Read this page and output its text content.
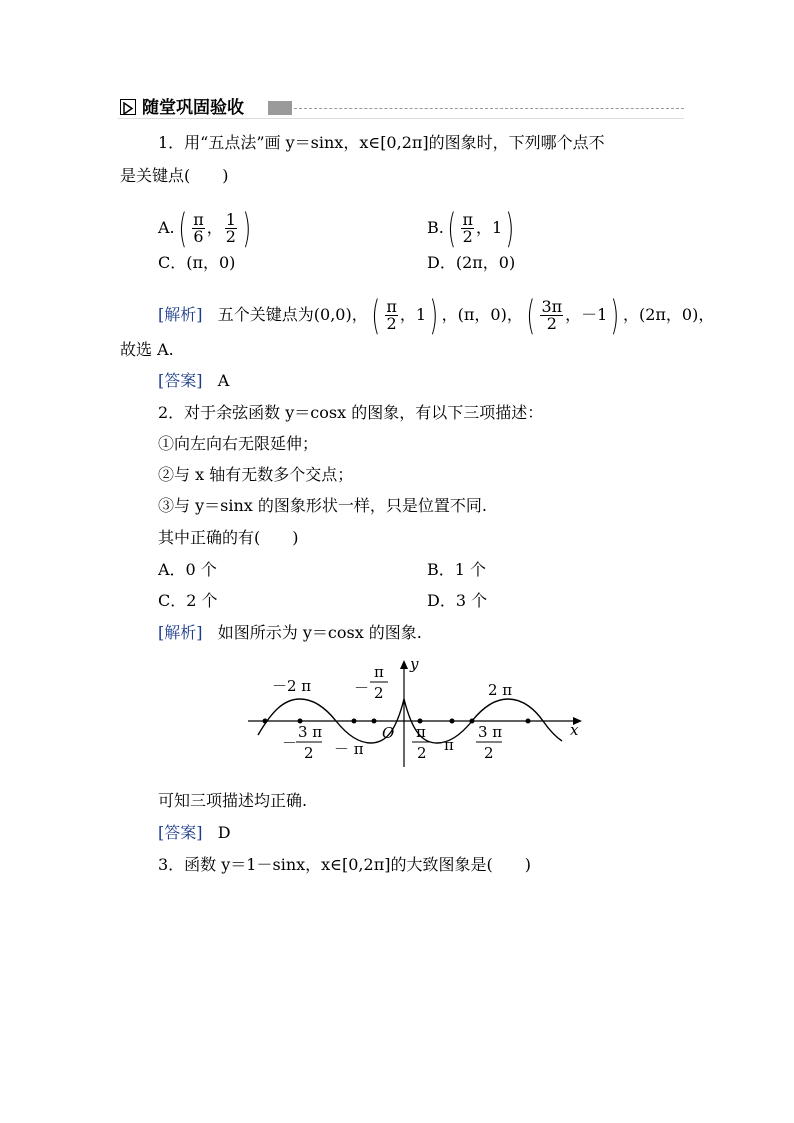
随堂巩固验收
1．用“五点法”画 y＝sinx，x∈[0,2π]的图象时，下列哪个点不
是关键点(　　)
$A.( \frac{\pi}{6}$ ， $\frac{1}{2}$ )	$B.( \frac{\pi}{2}$ ，1)
C．(π，0)	D．(2π，0)
[解析] 五个关键点为(0,0)，( $\frac{\pi}{2}$ ，1) ，(π，0)，( $\frac{3\pi}{2}$ ，－1) ，(2π，0)，
故选 A.
[答案] A
2．对于余弦函数 y＝cosx 的图象，有以下三项描述：
①向左向右无限延伸；
②与 x 轴有无数多个交点；
③与 y＝sinx 的图象形状一样，只是位置不同.
其中正确的有(　　)
A．0 个	B．1 个
C．2 个	D．3 个
[解析] 如图所示为 y＝cosx 的图象.
y
x
O
－2 π	－
π
2	2 π
－
3 π
2 － π
π
2 π
3 π
2
可知三项描述均正确.
[答案] D
3．函数 y＝1－sinx，x∈[0,2π]的大致图象是(　　)
